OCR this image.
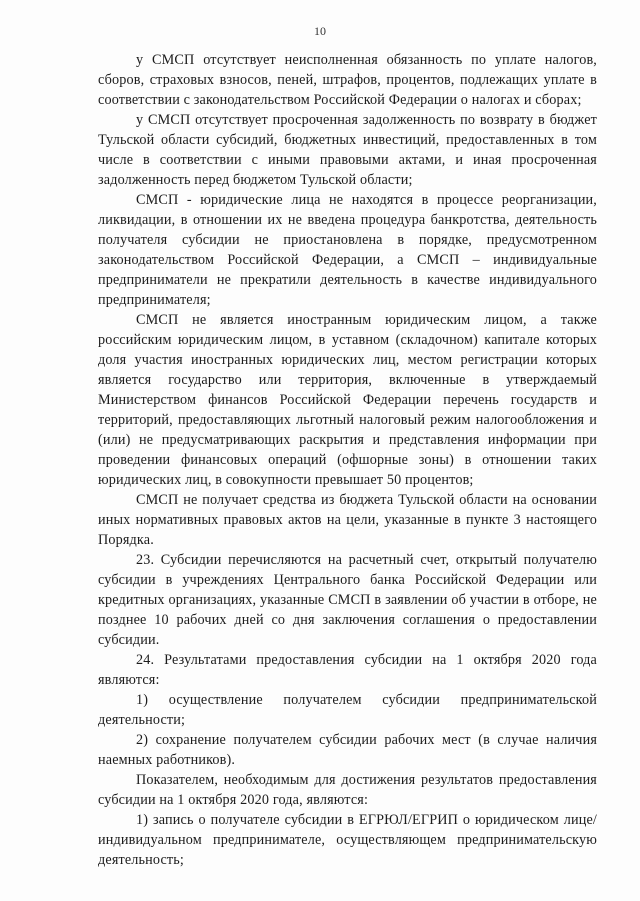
10

у СМСП отсутствует неисполненная обязанность по уплате налогов, сборов, страховых взносов, пеней, штрафов, процентов, подлежащих уплате в соответствии с законодательством Российской Федерации о налогах и сборах;

у СМСП отсутствует просроченная задолженность по возврату в бюджет Тульской области субсидий, бюджетных инвестиций, предоставленных в том числе в соответствии с иными правовыми актами, и иная просроченная задолженность перед бюджетом Тульской области;

СМСП - юридические лица не находятся в процессе реорганизации, ликвидации, в отношении их не введена процедура банкротства, деятельность получателя субсидии не приостановлена в порядке, предусмотренном законодательством Российской Федерации, а СМСП – индивидуальные предприниматели не прекратили деятельность в качестве индивидуального предпринимателя;

СМСП не является иностранным юридическим лицом, а также российским юридическим лицом, в уставном (складочном) капитале которых доля участия иностранных юридических лиц, местом регистрации которых является государство или территория, включенные в утверждаемый Министерством финансов Российской Федерации перечень государств и территорий, предоставляющих льготный налоговый режим налогообложения и (или) не предусматривающих раскрытия и представления информации при проведении финансовых операций (офшорные зоны) в отношении таких юридических лиц, в совокупности превышает 50 процентов;

СМСП не получает средства из бюджета Тульской области на основании иных нормативных правовых актов на цели, указанные в пункте 3 настоящего Порядка.

23. Субсидии перечисляются на расчетный счет, открытый получателю субсидии в учреждениях Центрального банка Российской Федерации или кредитных организациях, указанные СМСП в заявлении об участии в отборе, не позднее 10 рабочих дней со дня заключения соглашения о предоставлении субсидии.

24. Результатами предоставления субсидии на 1 октября 2020 года являются:

1) осуществление получателем субсидии предпринимательской деятельности;

2) сохранение получателем субсидии рабочих мест (в случае наличия наемных работников).

Показателем, необходимым для достижения результатов предоставления субсидии на 1 октября 2020 года, являются:

1) запись о получателе субсидии в ЕГРЮЛ/ЕГРИП о юридическом лице/индивидуальном предпринимателе, осуществляющем предпринимательскую деятельность;
